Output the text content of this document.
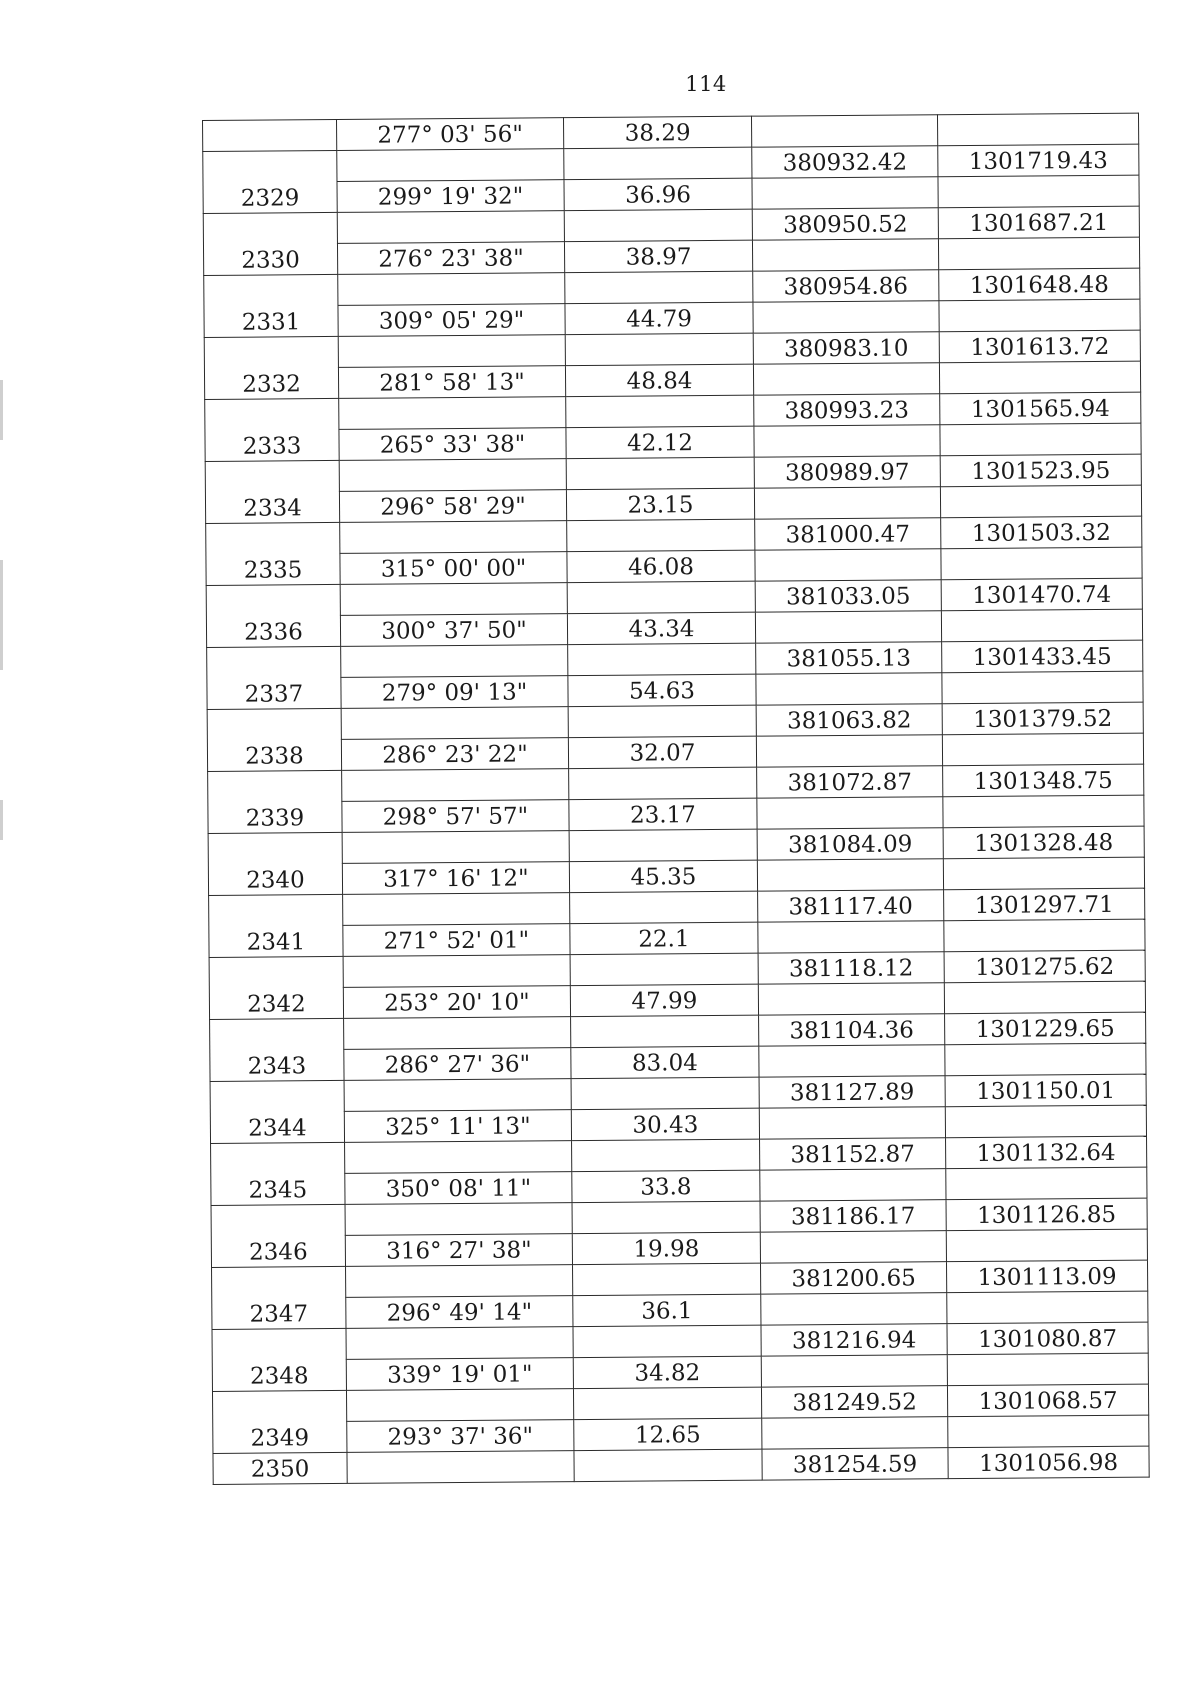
114
	277° 03' 56"	38.29		
2329			380932.42	1301719.43
	299° 19' 32"	36.96		
2330			380950.52	1301687.21
	276° 23' 38"	38.97		
2331			380954.86	1301648.48
	309° 05' 29"	44.79		
2332			380983.10	1301613.72
	281° 58' 13"	48.84		
2333			380993.23	1301565.94
	265° 33' 38"	42.12		
2334			380989.97	1301523.95
	296° 58' 29"	23.15		
2335			381000.47	1301503.32
	315° 00' 00"	46.08		
2336			381033.05	1301470.74
	300° 37' 50"	43.34		
2337			381055.13	1301433.45
	279° 09' 13"	54.63		
2338			381063.82	1301379.52
	286° 23' 22"	32.07		
2339			381072.87	1301348.75
	298° 57' 57"	23.17		
2340			381084.09	1301328.48
	317° 16' 12"	45.35		
2341			381117.40	1301297.71
	271° 52' 01"	22.1		
2342			381118.12	1301275.62
	253° 20' 10"	47.99		
2343			381104.36	1301229.65
	286° 27' 36"	83.04		
2344			381127.89	1301150.01
	325° 11' 13"	30.43		
2345			381152.87	1301132.64
	350° 08' 11"	33.8		
2346			381186.17	1301126.85
	316° 27' 38"	19.98		
2347			381200.65	1301113.09
	296° 49' 14"	36.1		
2348			381216.94	1301080.87
	339° 19' 01"	34.82		
2349			381249.52	1301068.57
	293° 37' 36"	12.65		
2350			381254.59	1301056.98
